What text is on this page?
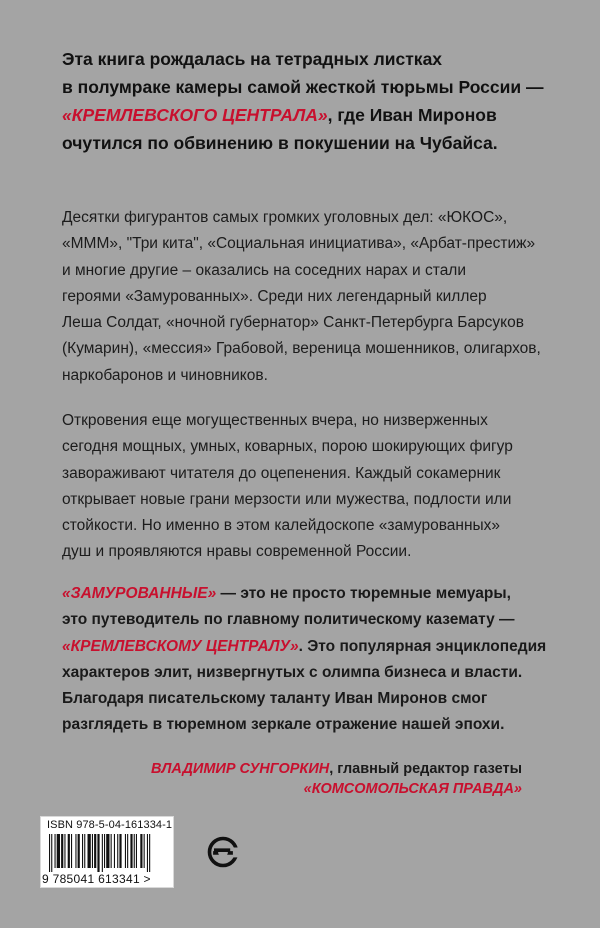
Эта книга рождалась на тетрадных листках
в полумраке камеры самой жесткой тюрьмы России —
«КРЕМЛЕВСКОГО ЦЕНТРАЛА», где Иван Миронов
очутился по обвинению в покушении на Чубайса.
Десятки фигурантов самых громких уголовных дел: «ЮКОС»,
«МММ», "Три кита", «Социальная инициатива», «Арбат-престиж»
и многие другие – оказались на соседних нарах и стали
героями «Замурованных». Среди них легендарный киллер
Леша Солдат, «ночной губернатор» Санкт-Петербурга Барсуков
(Кумарин), «мессия» Грабовой, вереница мошенников, олигархов,
наркобаронов и чиновников.
Откровения еще могущественных вчера, но низверженных
сегодня мощных, умных, коварных, порою шокирующих фигур
завораживают читателя до оцепенения. Каждый сокамерник
открывает новые грани мерзости или мужества, подлости или
стойкости. Но именно в этом калейдоскопе «замурованных»
душ и проявляются нравы современной России.
«ЗАМУРОВАННЫЕ» — это не просто тюремные мемуары,
это путеводитель по главному политическому каземату —
«КРЕМЛЕВСКОМУ ЦЕНТРАЛУ». Это популярная энциклопедия
характеров элит, низвергнутых с олимпа бизнеса и власти.
Благодаря писательскому таланту Иван Миронов смог
разглядеть в тюремном зеркале отражение нашей эпохи.
ВЛАДИМИР СУНГОРКИН, главный редактор газеты
«КОМСОМОЛЬСКАЯ ПРАВДА»
ISBN 978-5-04-161334-1
9 785041 613341 >
